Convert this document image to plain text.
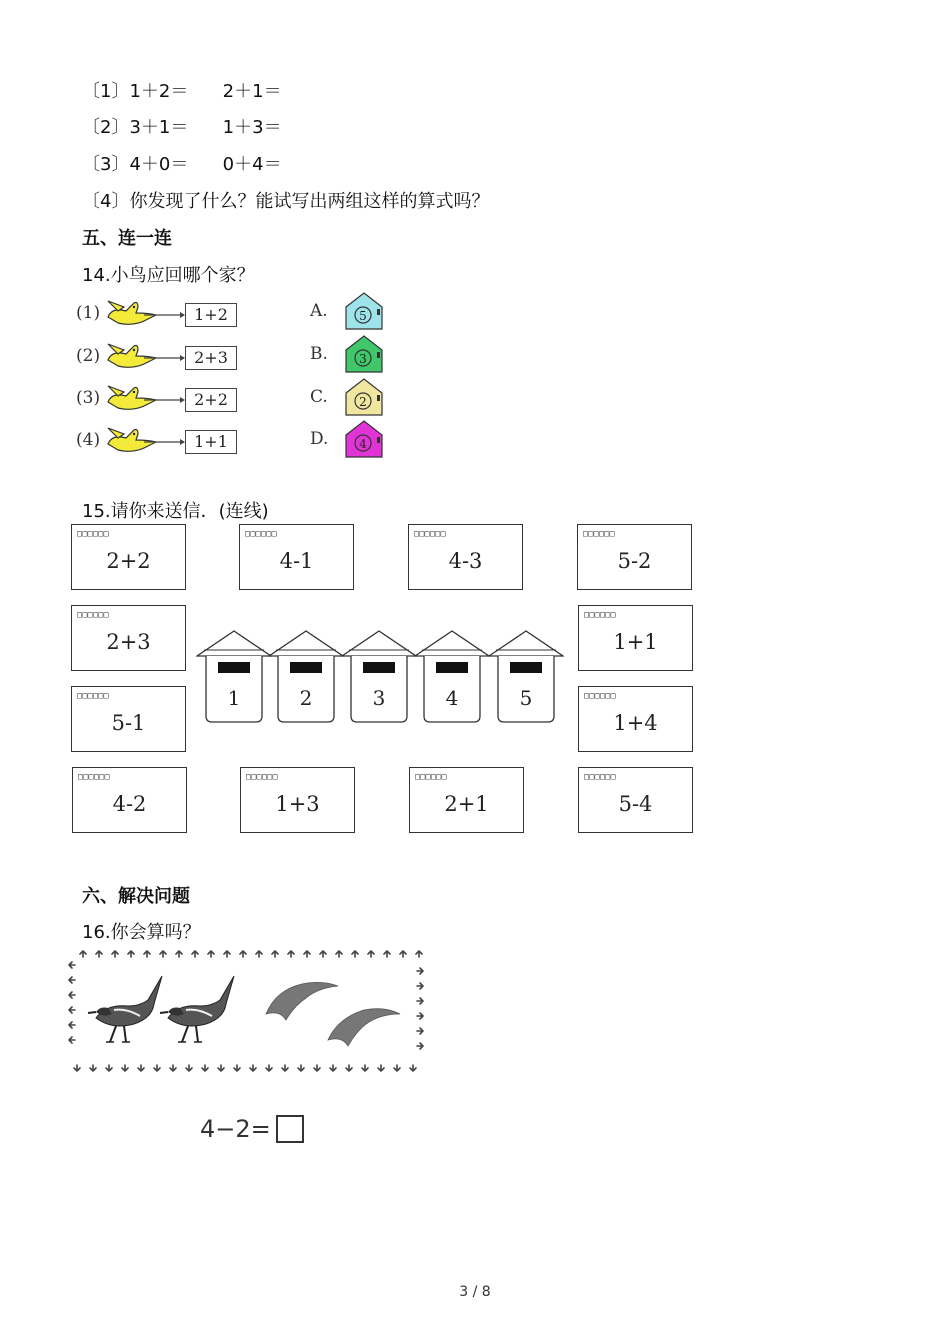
〔1〕1＋2＝      2＋1＝
〔2〕3＋1＝      1＋3＝
〔3〕4＋0＝      0＋4＝
〔4〕你发现了什么？能试写出两组这样的算式吗？
五、连一连
14.小鸟应回哪个家？
(1)	1+2
(2)	2+3
(3)	2+2
(4)	1+1
A.	5
B.	3
C.	2
D.	4
15.请你来送信．(连线)
□□□□□□
2+2
□□□□□□
4-1
□□□□□□
4-3
□□□□□□
5-2
□□□□□□
2+3
□□□□□□
5-1
□□□□□□
1+1
□□□□□□
1+4
□□□□□□
4-2
□□□□□□
1+3
□□□□□□
2+1
□□□□□□
5-4
1	2	3	4	5
六、解决问题
16.你会算吗？
4−2=
3 / 8
